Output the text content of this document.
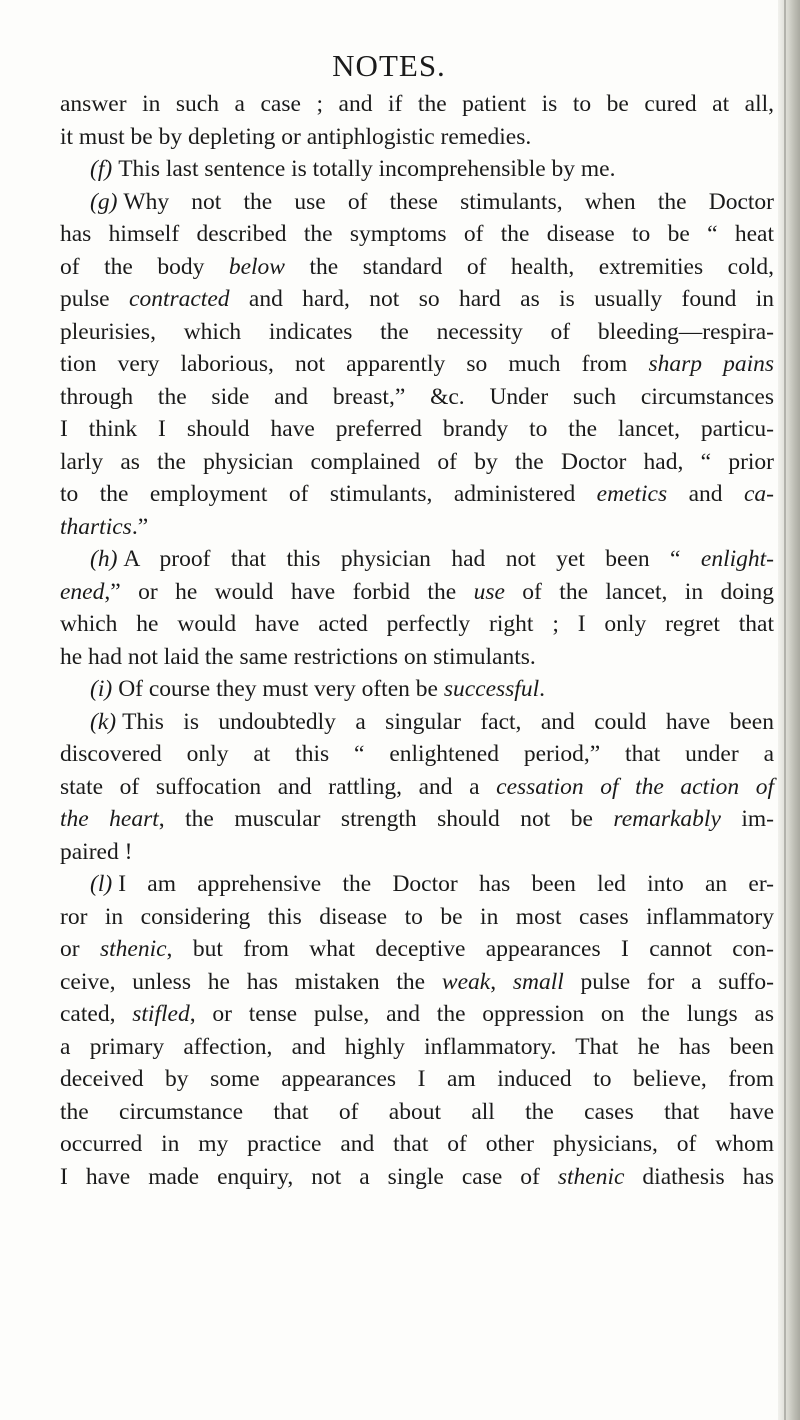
NOTES.
answer in such a case ; and if the patient is to be cured at all,
it must be by depleting or antiphlogistic remedies.
(f) This last sentence is totally incomprehensible by me.
(g) Why not the use of these stimulants, when the Doctor
has himself described the symptoms of the disease to be “ heat
of the body below the standard of health, extremities cold,
pulse contracted and hard, not so hard as is usually found in
pleurisies, which indicates the necessity of bleeding—respira-
tion very laborious, not apparently so much from sharp pains
through the side and breast,” &c. Under such circumstances
I think I should have preferred brandy to the lancet, particu-
larly as the physician complained of by the Doctor had, “ prior
to the employment of stimulants, administered emetics and ca-
thartics.”
(h) A proof that this physician had not yet been “ enlight-
ened,” or he would have forbid the use of the lancet, in doing
which he would have acted perfectly right ; I only regret that
he had not laid the same restrictions on stimulants.
(i) Of course they must very often be successful.
(k) This is undoubtedly a singular fact, and could have been
discovered only at this “ enlightened period,” that under a
state of suffocation and rattling, and a cessation of the action of
the heart, the muscular strength should not be remarkably im-
paired !
(l) I am apprehensive the Doctor has been led into an er-
ror in considering this disease to be in most cases inflammatory
or sthenic, but from what deceptive appearances I cannot con-
ceive, unless he has mistaken the weak, small pulse for a suffo-
cated, stifled, or tense pulse, and the oppression on the lungs as
a primary affection, and highly inflammatory. That he has been
deceived by some appearances I am induced to believe, from
the circumstance that of about all the cases that have
occurred in my practice and that of other physicians, of whom
I have made enquiry, not a single case of sthenic diathesis has
